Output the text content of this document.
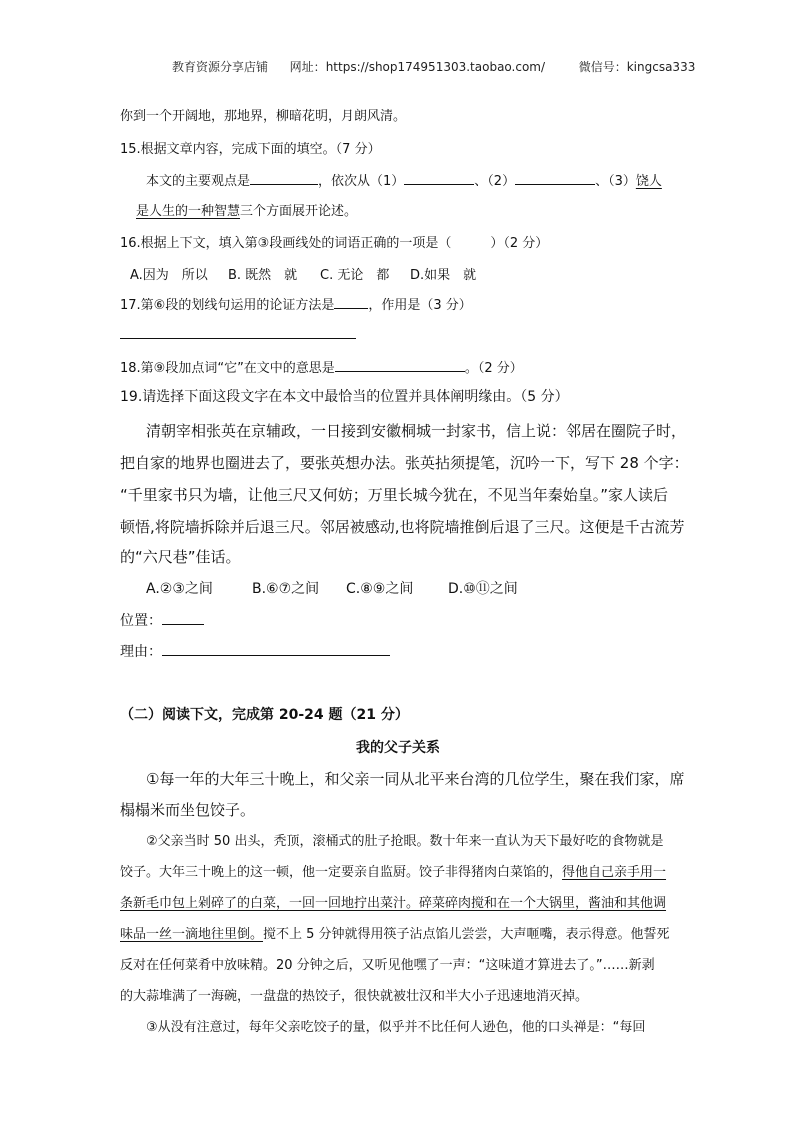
教育资源分享店铺 网址：https://shop174951303.taobao.com/	微信号：kingcsa333
你到一个开阔地，那地界，柳暗花明，月朗风清。
15.根据文章内容，完成下面的填空。（7 分）
本文的主要观点是	，依次从（1）	、（2）	、（3）饶人
是人生的一种智慧三个方面展开论述。
16.根据上下文，填入第③段画线处的词语正确的一项是（　　　）（2 分）
A.因为　所以 B. 既然　就 C. 无论　都 D.如果　就
17.第⑥段的划线句运用的论证方法是	，作用是（3 分）
18.第⑨段加点词“它”在文中的意思是	。（2 分）
19.请选择下面这段文字在本文中最恰当的位置并具体阐明缘由。（5 分）
清朝宰相张英在京辅政，一日接到安徽桐城一封家书，信上说：邻居在圈院子时，
把自家的地界也圈进去了，要张英想办法。张英拈须提笔，沉吟一下，写下 28 个字：
“千里家书只为墙，让他三尺又何妨；万里长城今犹在，不见当年秦始皇。”家人读后
顿悟,将院墙拆除并后退三尺。邻居被感动,也将院墙推倒后退了三尺。这便是千古流芳
的“六尺巷”佳话。
A.②③之间	B.⑥⑦之间 C.⑧⑨之间 D.⑩⑪之间
位置：
理由：
（二）阅读下文，完成第 20-24 题（21 分）
我的父子关系
①每一年的大年三十晚上，和父亲一同从北平来台湾的几位学生，聚在我们家，席
榻榻米而坐包饺子。
②父亲当时 50 出头，秃顶，滚桶式的肚子抢眼。数十年来一直认为天下最好吃的食物就是
饺子。大年三十晚上的这一顿，他一定要亲自监厨。饺子非得猪肉白菜馅的，得他自己亲手用一
条新毛巾包上剁碎了的白菜，一回一回地拧出菜汁。碎菜碎肉搅和在一个大锅里，酱油和其他调
味品一丝一滴地往里倒。搅不上 5 分钟就得用筷子沾点馅儿尝尝，大声咂嘴，表示得意。他誓死
反对在任何菜肴中放味精。20 分钟之后，又听见他嘿了一声：“这味道才算进去了。”……新剥
的大蒜堆满了一海碗，一盘盘的热饺子，很快就被壮汉和半大小子迅速地消灭掉。
③从没有注意过，每年父亲吃饺子的量，似乎并不比任何人逊色，他的口头禅是：“每回
